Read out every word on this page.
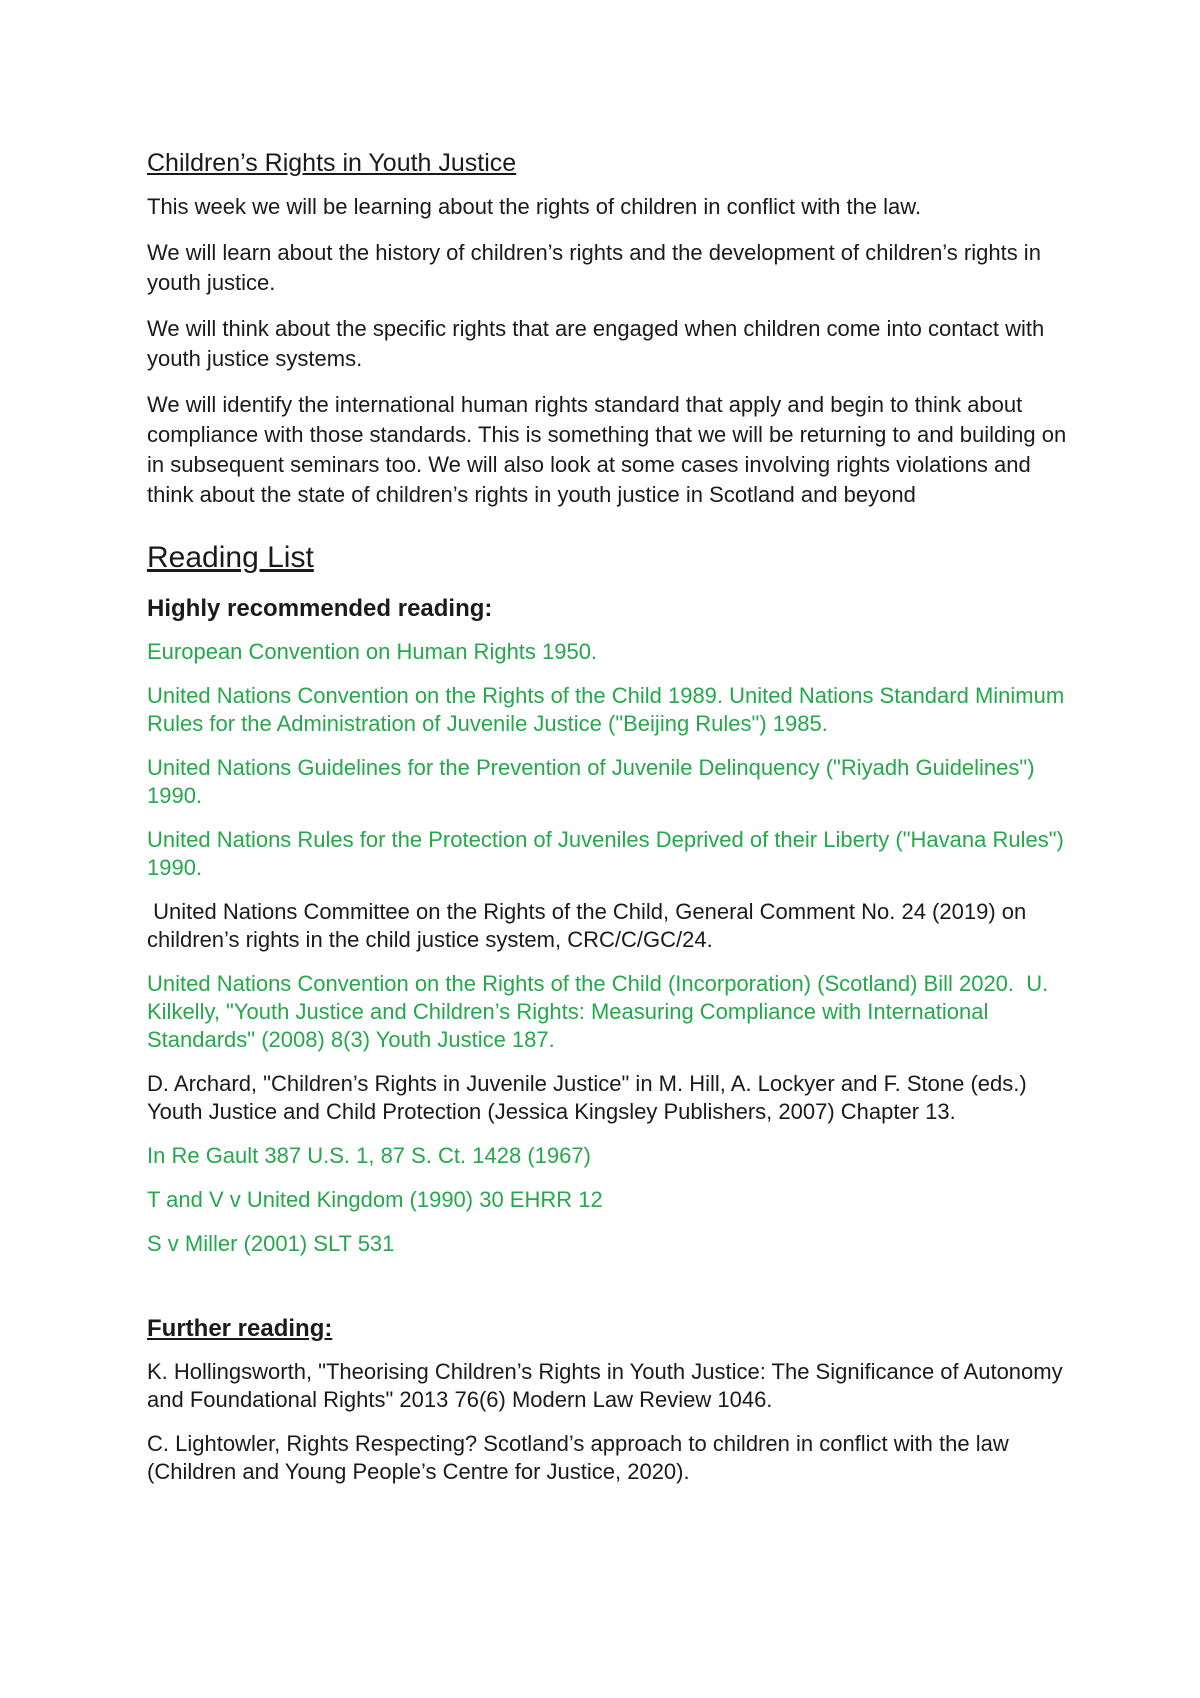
Children’s Rights in Youth Justice

This week we will be learning about the rights of children in conflict with the law.

We will learn about the history of children’s rights and the development of children’s rights in youth justice.

We will think about the specific rights that are engaged when children come into contact with youth justice systems.

We will identify the international human rights standard that apply and begin to think about compliance with those standards. This is something that we will be returning to and building on in subsequent seminars too. We will also look at some cases involving rights violations and think about the state of children’s rights in youth justice in Scotland and beyond

Reading List
Highly recommended reading:

European Convention on Human Rights 1950.

United Nations Convention on the Rights of the Child 1989. United Nations Standard Minimum Rules for the Administration of Juvenile Justice ("Beijing Rules") 1985.

United Nations Guidelines for the Prevention of Juvenile Delinquency ("Riyadh Guidelines") 1990.

United Nations Rules for the Protection of Juveniles Deprived of their Liberty ("Havana Rules") 1990.

United Nations Committee on the Rights of the Child, General Comment No. 24 (2019) on children’s rights in the child justice system, CRC/C/GC/24.

United Nations Convention on the Rights of the Child (Incorporation) (Scotland) Bill 2020.  U. Kilkelly, "Youth Justice and Children’s Rights: Measuring Compliance with International Standards" (2008) 8(3) Youth Justice 187.

D. Archard, "Children’s Rights in Juvenile Justice" in M. Hill, A. Lockyer and F. Stone (eds.) Youth Justice and Child Protection (Jessica Kingsley Publishers, 2007) Chapter 13.

In Re Gault 387 U.S. 1, 87 S. Ct. 1428 (1967)

T and V v United Kingdom (1990) 30 EHRR 12

S v Miller (2001) SLT 531

Further reading:

K. Hollingsworth, "Theorising Children’s Rights in Youth Justice: The Significance of Autonomy and Foundational Rights" 2013 76(6) Modern Law Review 1046.

C. Lightowler, Rights Respecting? Scotland’s approach to children in conflict with the law (Children and Young People’s Centre for Justice, 2020).
